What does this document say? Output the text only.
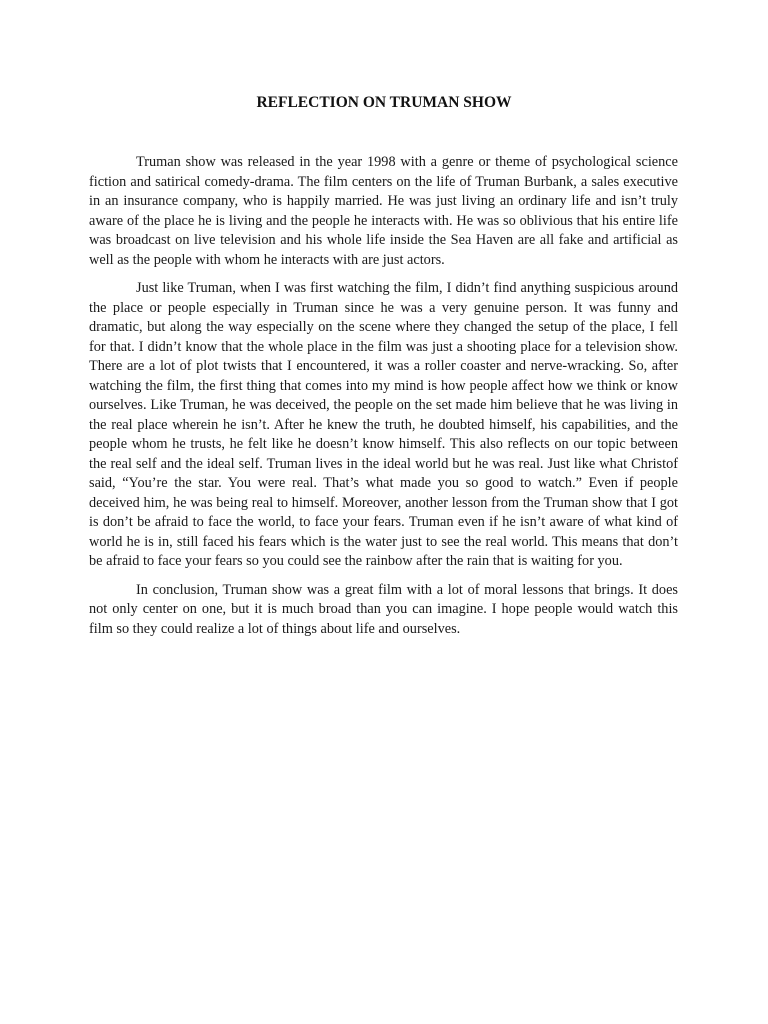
REFLECTION ON TRUMAN SHOW

Truman show was released in the year 1998 with a genre or theme of psychological science fiction and satirical comedy-drama. The film centers on the life of Truman Burbank, a sales executive in an insurance company, who is happily married. He was just living an ordinary life and isn’t truly aware of the place he is living and the people he interacts with. He was so oblivious that his entire life was broadcast on live television and his whole life inside the Sea Haven are all fake and artificial as well as the people with whom he interacts with are just actors.

Just like Truman, when I was first watching the film, I didn’t find anything suspicious around the place or people especially in Truman since he was a very genuine person. It was funny and dramatic, but along the way especially on the scene where they changed the setup of the place, I fell for that. I didn’t know that the whole place in the film was just a shooting place for a television show. There are a lot of plot twists that I encountered, it was a roller coaster and nerve-wracking. So, after watching the film, the first thing that comes into my mind is how people affect how we think or know ourselves. Like Truman, he was deceived, the people on the set made him believe that he was living in the real place wherein he isn’t. After he knew the truth, he doubted himself, his capabilities, and the people whom he trusts, he felt like he doesn’t know himself. This also reflects on our topic between the real self and the ideal self. Truman lives in the ideal world but he was real. Just like what Christof said, “You’re the star. You were real. That’s what made you so good to watch.” Even if people deceived him, he was being real to himself. Moreover, another lesson from the Truman show that I got is don’t be afraid to face the world, to face your fears. Truman even if he isn’t aware of what kind of world he is in, still faced his fears which is the water just to see the real world. This means that don’t be afraid to face your fears so you could see the rainbow after the rain that is waiting for you.

In conclusion, Truman show was a great film with a lot of moral lessons that brings. It does not only center on one, but it is much broad than you can imagine. I hope people would watch this film so they could realize a lot of things about life and ourselves.
